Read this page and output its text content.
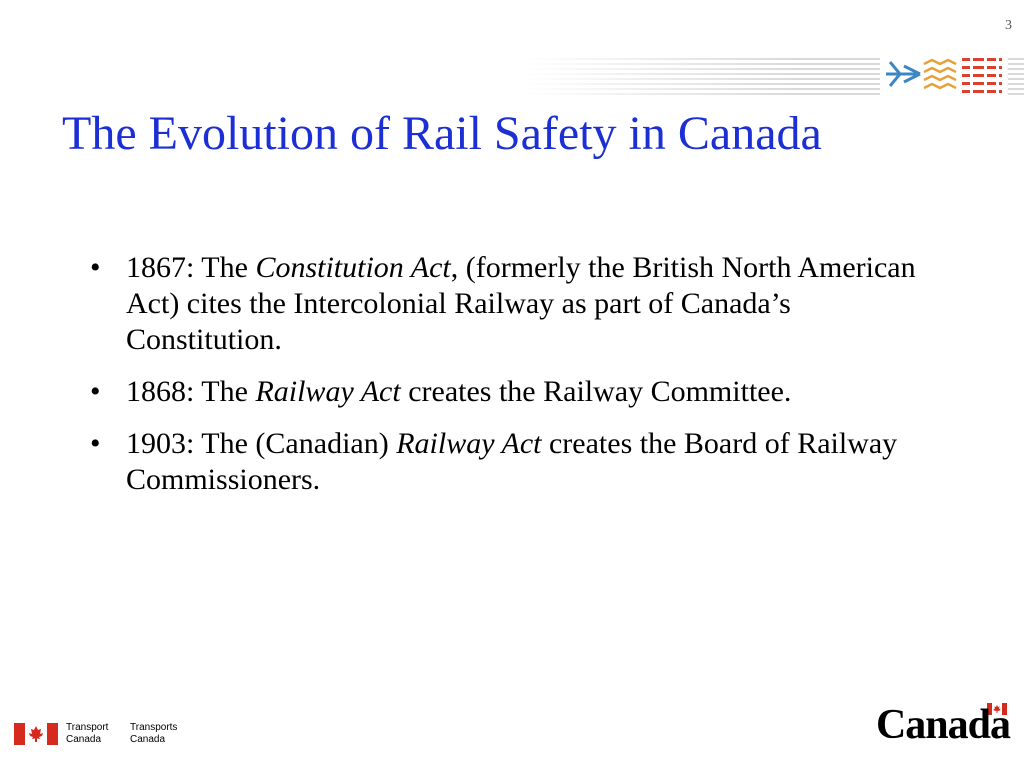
3
The Evolution of Rail Safety in Canada
• 1867: The Constitution Act, (formerly the British North American Act) cites the Intercolonial Railway as part of Canada’s Constitution.
• 1868: The Railway Act creates the Railway Committee.
• 1903: The (Canadian) Railway Act creates the Board of Railway Commissioners.
Transport
Canada
Transports
Canada	Canada
